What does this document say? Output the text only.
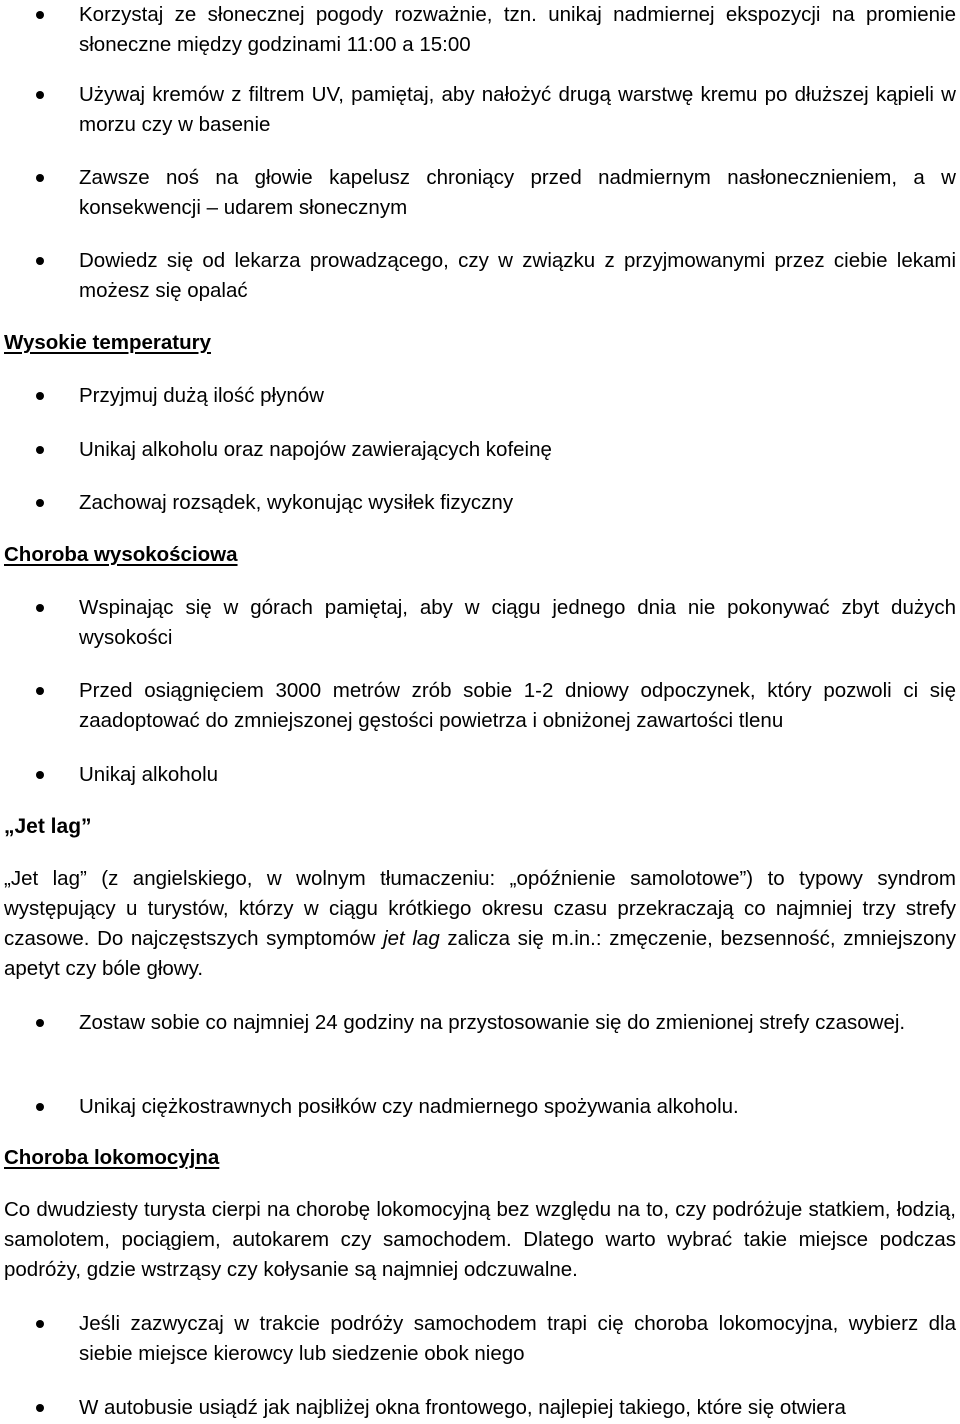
Korzystaj ze słonecznej pogody rozważnie, tzn. unikaj nadmiernej ekspozycji na promienie słoneczne między godzinami 11:00 a 15:00
Używaj kremów z filtrem UV, pamiętaj, aby nałożyć drugą warstwę kremu po dłuższej kąpieli w morzu czy w basenie
Zawsze noś na głowie kapelusz chroniący przed nadmiernym nasłonecznieniem, a w konsekwencji – udarem słonecznym
Dowiedz się od lekarza prowadzącego, czy w związku z przyjmowanymi przez ciebie lekami możesz się opalać
Wysokie temperatury
Przyjmuj dużą ilość płynów
Unikaj alkoholu oraz napojów zawierających kofeinę
Zachowaj rozsądek, wykonując wysiłek fizyczny
Choroba wysokościowa
Wspinając się w górach pamiętaj, aby w ciągu jednego dnia nie pokonywać zbyt dużych wysokości
Przed osiągnięciem 3000 metrów zrób sobie 1-2 dniowy odpoczynek, który pozwoli ci się zaadoptować do zmniejszonej gęstości powietrza i obniżonej zawartości tlenu
Unikaj alkoholu
„Jet lag”

„Jet lag” (z angielskiego, w wolnym tłumaczeniu: „opóźnienie samolotowe”) to typowy syndrom występujący u turystów, którzy w ciągu krótkiego okresu czasu przekraczają co najmniej trzy strefy czasowe. Do najczęstszych symptomów jet lag zalicza się m.in.: zmęczenie, bezsenność, zmniejszony apetyt czy bóle głowy.

Zostaw sobie co najmniej 24 godziny na przystosowanie się do zmienionej strefy czasowej.
Unikaj ciężkostrawnych posiłków czy nadmiernego spożywania alkoholu.
Choroba lokomocyjna
Co dwudziesty turysta cierpi na chorobę lokomocyjną bez względu na to, czy podróżuje statkiem, łodzią, samolotem, pociągiem, autokarem czy samochodem. Dlatego warto wybrać takie miejsce podczas podróży, gdzie wstrząsy czy kołysanie są najmniej odczuwalne.
Jeśli zazwyczaj w trakcie podróży samochodem trapi cię choroba lokomocyjna, wybierz dla siebie miejsce kierowcy lub siedzenie obok niego
W autobusie usiądź jak najbliżej okna frontowego, najlepiej takiego, które się otwiera
